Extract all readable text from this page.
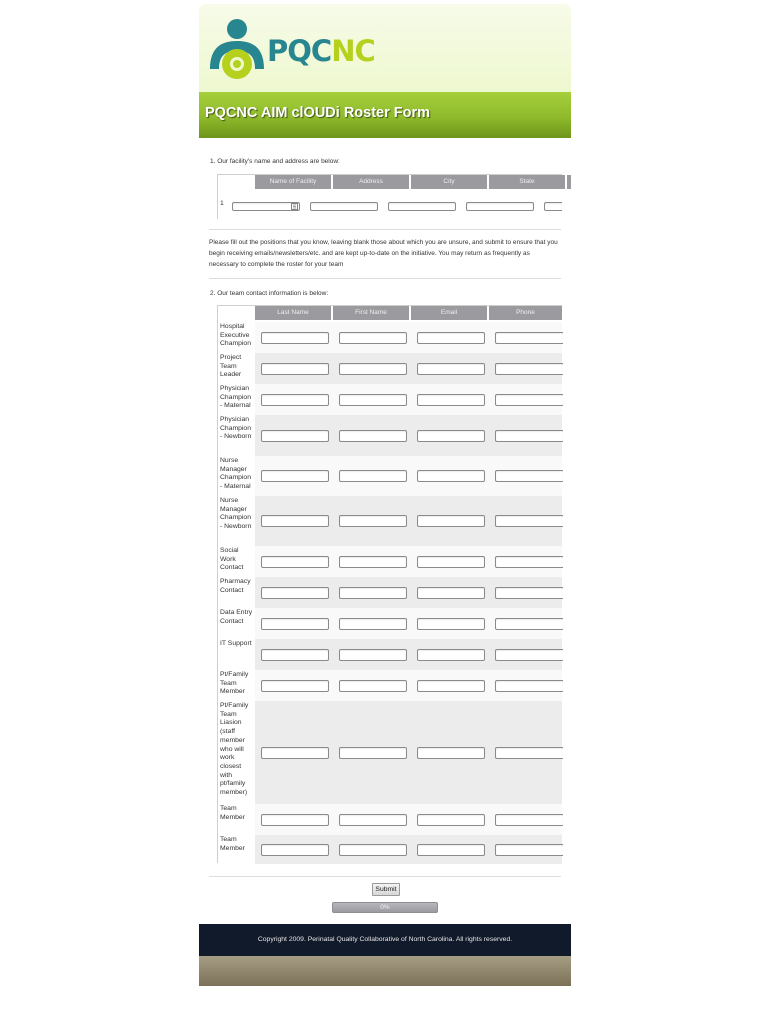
PQCNC
PQCNC AIM clOUDi Roster Form
1. Our facility's name and address are below:
Name of Facility	Address	City	State
1
Please fill out the positions that you know, leaving blank those about which you are unsure, and submit to ensure that you begin receiving emails/newsletters/etc. and are kept up-to-date on the initiative. You may return as frequently as necessary to complete the roster for your team
2. Our team contact information is below:
Last Name	First Name	Email	Phone
Hospital Executive Champion
Project Team Leader
Physician Champion - Maternal
Physician Champion - Newborn
Nurse Manager Champion - Maternal
Nurse Manager Champion - Newborn
Social Work Contact
Pharmacy Contact
Data Entry Contact
IT Support
Pt/Family Team Member
Pt/Family Team Liasion (staff member who will work closest with pt/family member)
Team Member
Team Member
Submit
0%
Copyright 2009. Perinatal Quality Collaborative of North Carolina. All rights reserved.
